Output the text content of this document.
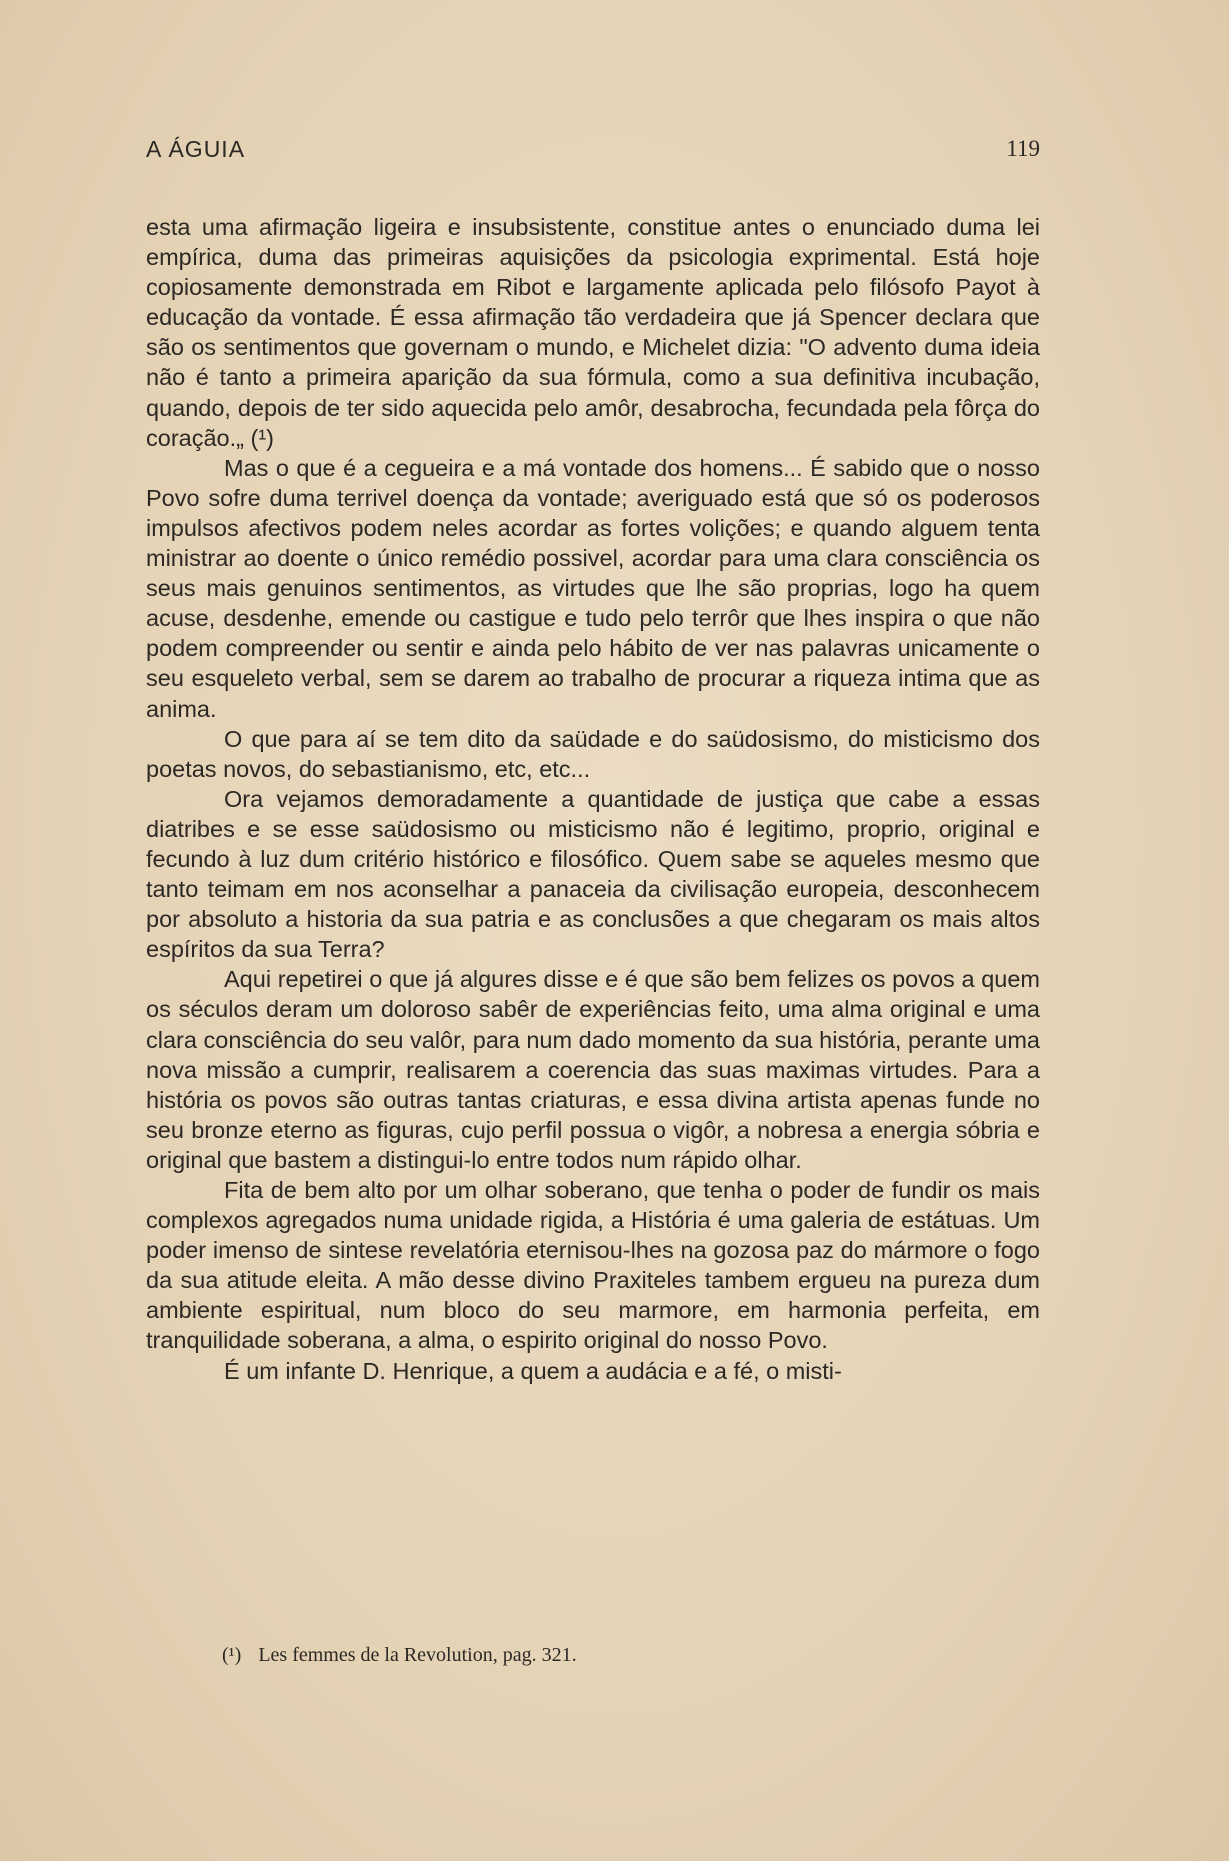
A ÁGUIA	119

esta uma afirmação ligeira e insubsistente, constitue antes o enunciado duma lei empírica, duma das primeiras aquisições da psicologia exprimental. Está hoje copiosamente demonstrada em Ribot e largamente aplicada pelo filósofo Payot à educação da vontade. É essa afirmação tão verdadeira que já Spencer declara que são os sentimentos que governam o mundo, e Michelet dizia: "O advento duma ideia não é tanto a primeira aparição da sua fórmula, como a sua definitiva incubação, quando, depois de ter sido aquecida pelo amôr, desabrocha, fecundada pela fôrça do coração.„ (¹)

Mas o que é a cegueira e a má vontade dos homens... É sabido que o nosso Povo sofre duma terrivel doença da vontade; averiguado está que só os poderosos impulsos afectivos podem neles acordar as fortes volições; e quando alguem tenta ministrar ao doente o único remédio possivel, acordar para uma clara consciência os seus mais genuinos sentimentos, as virtudes que lhe são proprias, logo ha quem acuse, desdenhe, emende ou castigue e tudo pelo terrôr que lhes inspira o que não podem compreender ou sentir e ainda pelo hábito de ver nas palavras unicamente o seu esqueleto verbal, sem se darem ao trabalho de procurar a riqueza intima que as anima.

O que para aí se tem dito da saüdade e do saüdosismo, do misticismo dos poetas novos, do sebastianismo, etc, etc...

Ora vejamos demoradamente a quantidade de justiça que cabe a essas diatribes e se esse saüdosismo ou misticismo não é legitimo, proprio, original e fecundo à luz dum critério histórico e filosófico. Quem sabe se aqueles mesmo que tanto teimam em nos aconselhar a panaceia da civilisação europeia, desconhecem por absoluto a historia da sua patria e as conclusões a que chegaram os mais altos espíritos da sua Terra?

Aqui repetirei o que já algures disse e é que são bem felizes os povos a quem os séculos deram um doloroso sabêr de experiências feito, uma alma original e uma clara consciência do seu valôr, para num dado momento da sua história, perante uma nova missão a cumprir, realisarem a coerencia das suas maximas virtudes. Para a história os povos são outras tantas criaturas, e essa divina artista apenas funde no seu bronze eterno as figuras, cujo perfil possua o vigôr, a nobresa a energia sóbria e original que bastem a distingui-lo entre todos num rápido olhar.

Fita de bem alto por um olhar soberano, que tenha o poder de fundir os mais complexos agregados numa unidade rigida, a História é uma galeria de estátuas. Um poder imenso de sintese revelatória eternisou-lhes na gozosa paz do mármore o fogo da sua atitude eleita. A mão desse divino Praxiteles tambem ergueu na pureza dum ambiente espiritual, num bloco do seu marmore, em harmonia perfeita, em tranquilidade soberana, a alma, o espirito original do nosso Povo.

É um infante D. Henrique, a quem a audácia e a fé, o misti-

(¹) Les femmes de la Revolution, pag. 321.
